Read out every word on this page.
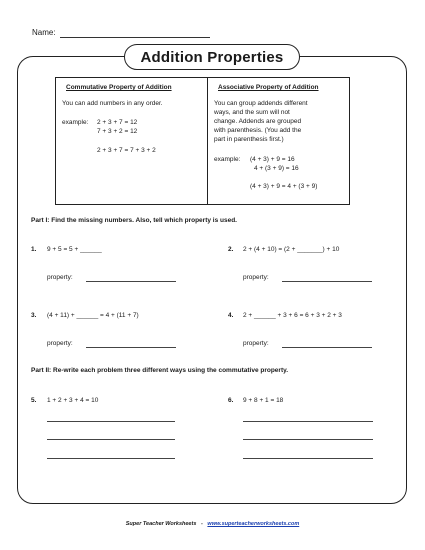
Name:
Addition Properties
Commutative Property of Addition
You can add numbers in any order.
example: 2 + 3 + 7 = 12
7 + 3 + 2 = 12
2 + 3 + 7 = 7 + 3 + 2
Associative Property of Addition
You can group addends different
ways, and the sum will not
change. Addends are grouped
with parenthesis. (You add the
part in parenthesis first.)
example: (4 + 3) + 9 = 16
4 + (3 + 9) = 16
(4 + 3) + 9 = 4 + (3 + 9)
Part I: Find the missing numbers. Also, tell which property is used.
1. 9 + 5 = 5 + ______
property:
2. 2 + (4 + 10) = (2 + _______) + 10
property:
3. (4 + 11) + ______ = 4 + (11 + 7)
property:
4. 2 + ______ + 3 + 6 = 6 + 3 + 2 + 3
property:
Part II: Re-write each problem three different ways using the commutative property.
5. 1 + 2 + 3 + 4 = 10	6. 9 + 8 + 1 = 18
Super Teacher Worksheets - www.superteacherworksheets.com
